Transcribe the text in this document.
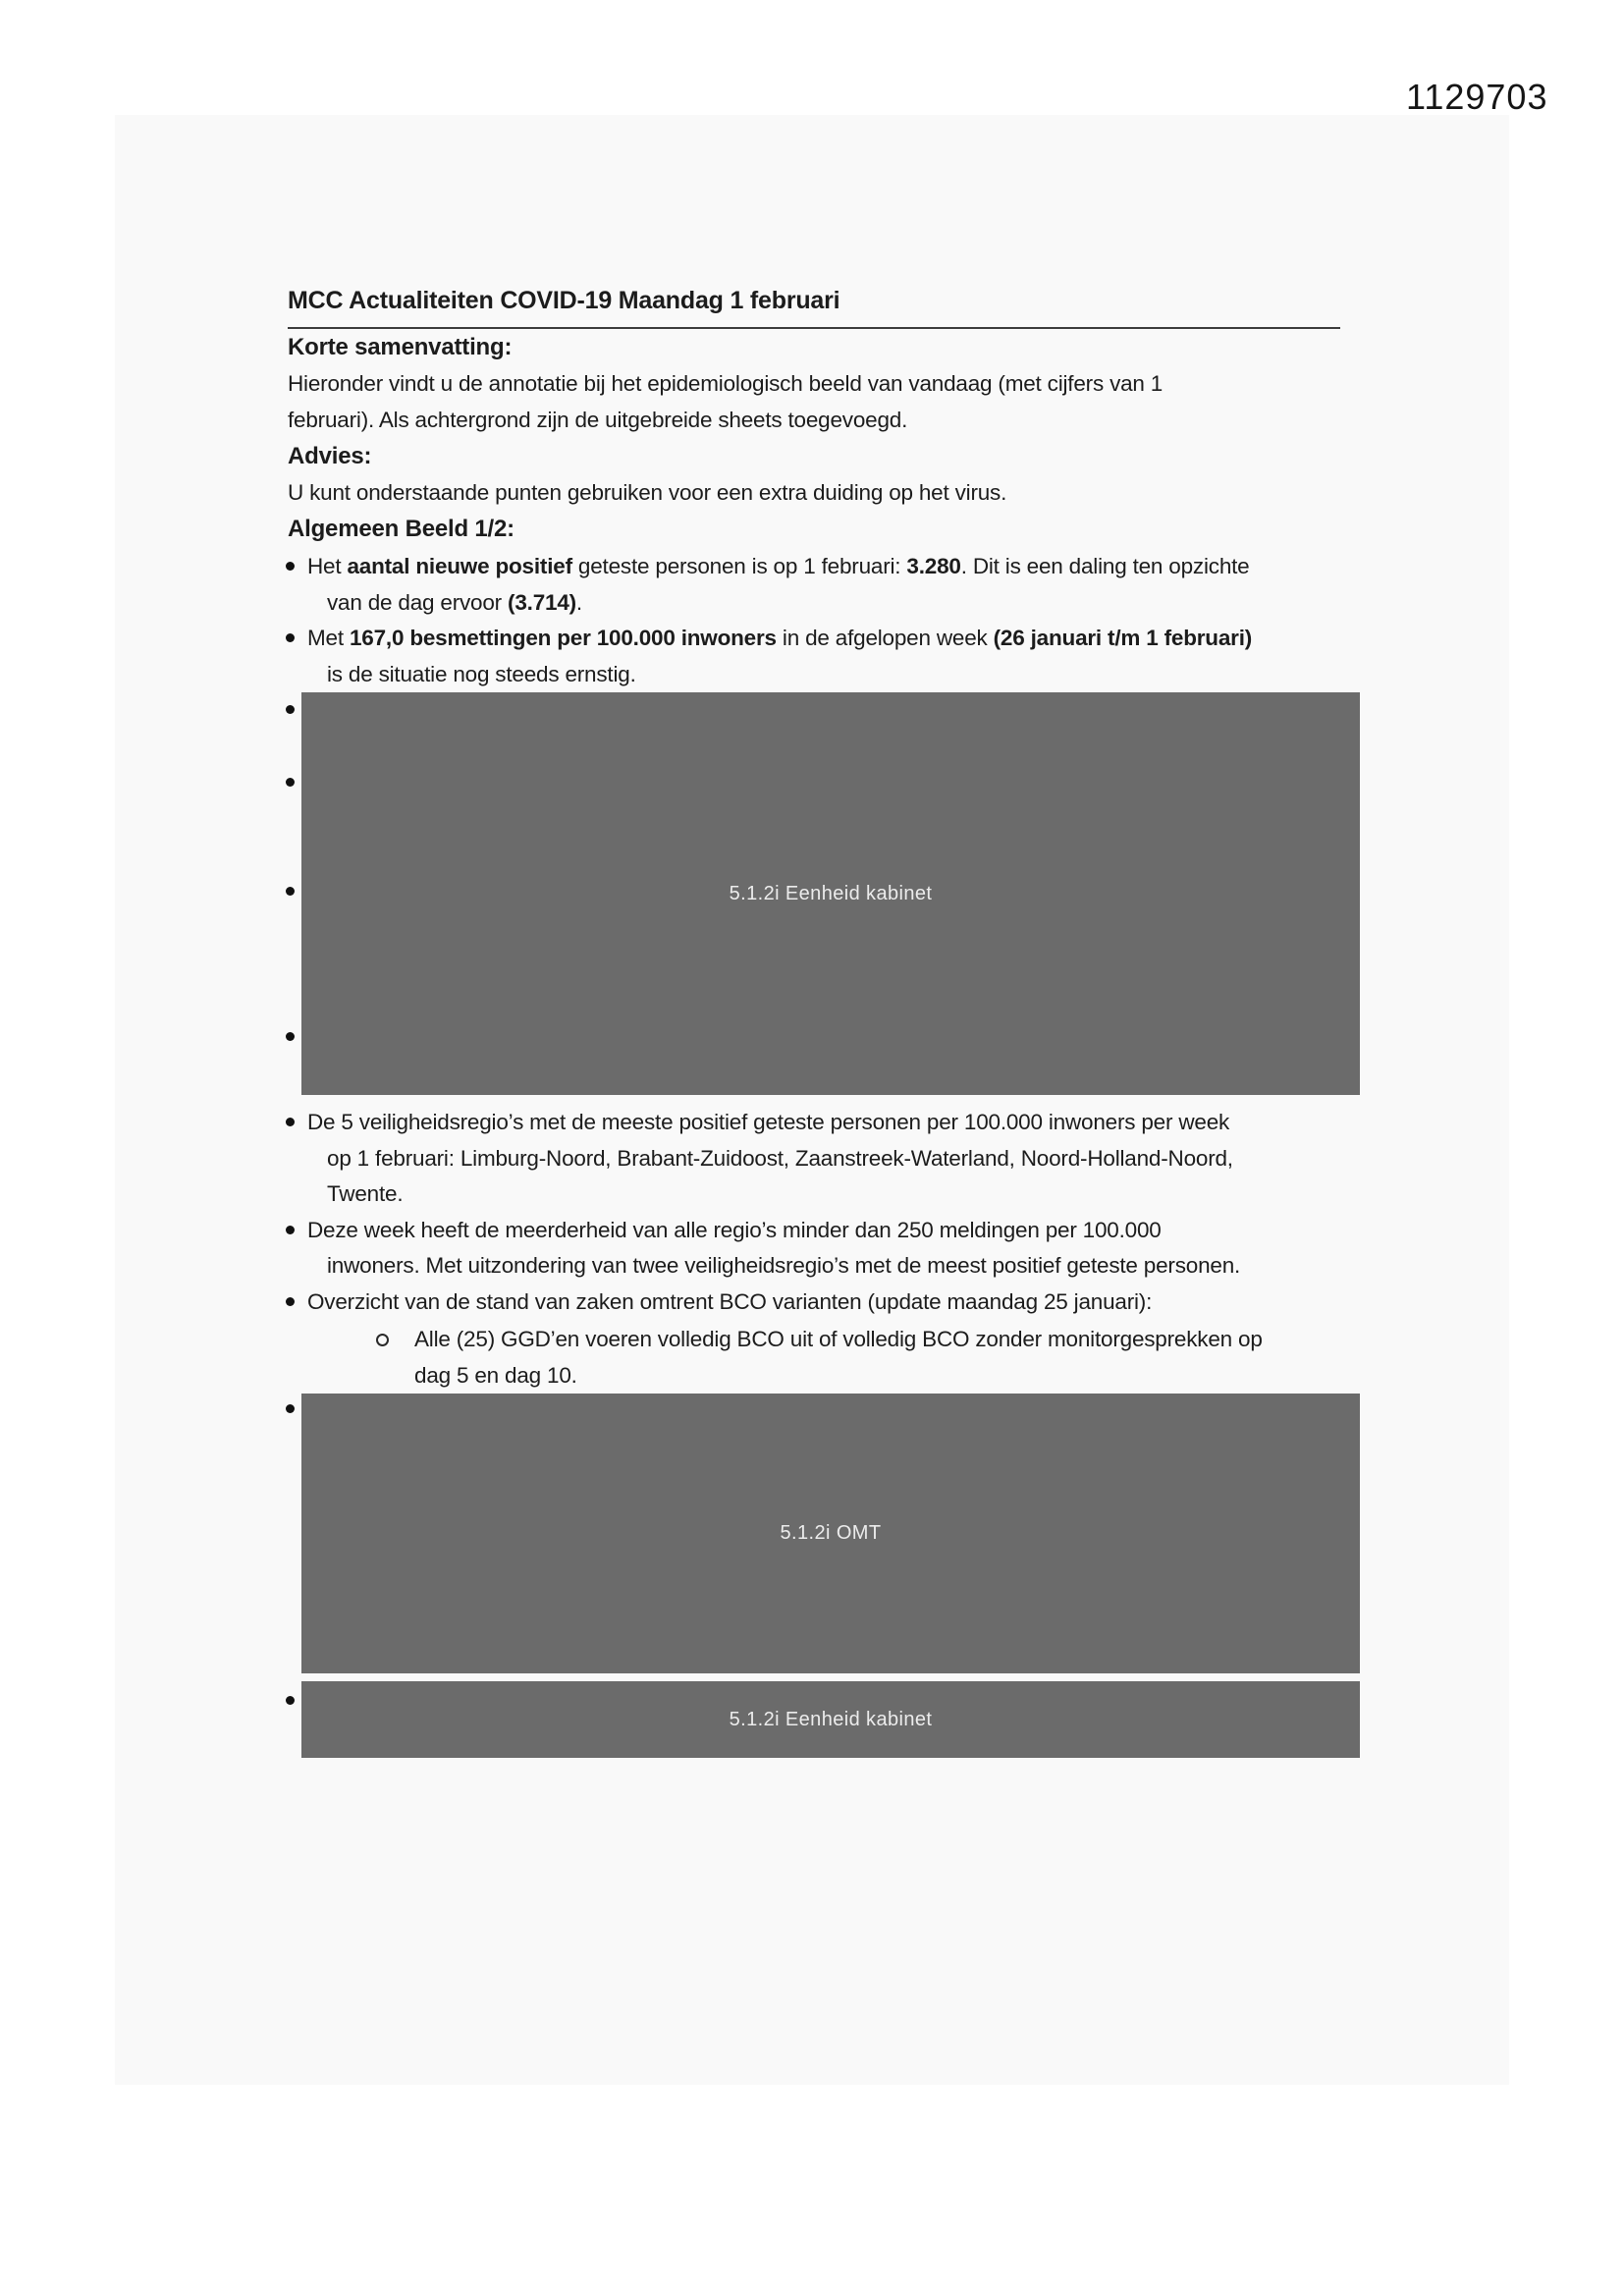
1129703
MCC Actualiteiten COVID-19 Maandag 1 februari
Korte samenvatting:

Hieronder vindt u de annotatie bij het epidemiologisch beeld van vandaag (met cijfers van 1
februari). Als achtergrond zijn de uitgebreide sheets toegevoegd.

Advies:

U kunt onderstaande punten gebruiken voor een extra duiding op het virus.

Algemeen Beeld 1/2:
Het aantal nieuwe positief geteste personen is op 1 februari: 3.280. Dit is een daling ten opzichte
van de dag ervoor (3.714).
Met 167,0 besmettingen per 100.000 inwoners in de afgelopen week (26 januari t/m 1 februari)
is de situatie nog steeds ernstig.
5.1.2i Eenheid kabinet
De 5 veiligheidsregio’s met de meeste positief geteste personen per 100.000 inwoners per week
op 1 februari: Limburg-Noord, Brabant-Zuidoost, Zaanstreek-Waterland, Noord-Holland-Noord,
Twente.
Deze week heeft de meerderheid van alle regio’s minder dan 250 meldingen per 100.000
inwoners. Met uitzondering van twee veiligheidsregio’s met de meest positief geteste personen.
Overzicht van de stand van zaken omtrent BCO varianten (update maandag 25 januari):
Alle (25) GGD’en voeren volledig BCO uit of volledig BCO zonder monitorgesprekken op
dag 5 en dag 10.
5.1.2i OMT
5.1.2i Eenheid kabinet
